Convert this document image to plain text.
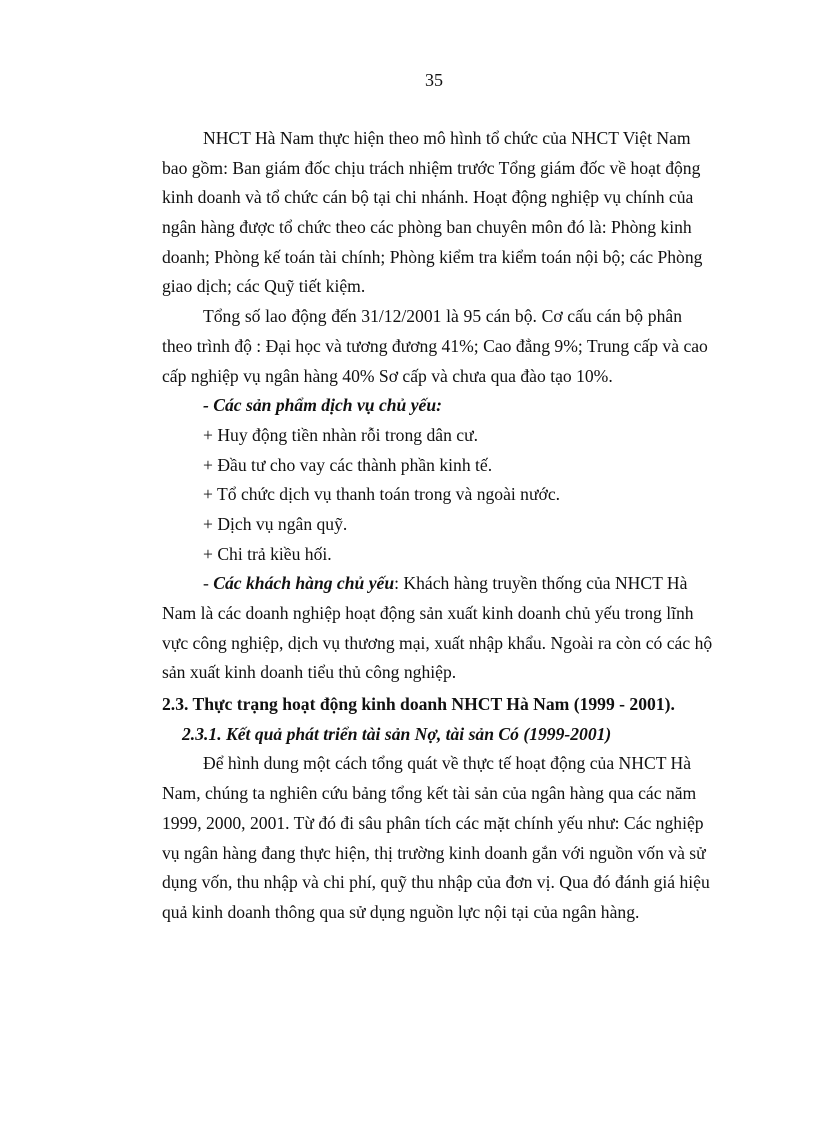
35
NHCT Hà Nam thực hiện theo mô hình tổ chức của NHCT Việt Nam
bao gồm: Ban giám đốc chịu trách nhiệm trước Tổng giám đốc về hoạt động
kinh doanh và tổ chức cán bộ tại chi nhánh. Hoạt động nghiệp vụ chính của
ngân hàng được tổ chức theo các phòng ban chuyên môn đó là: Phòng kinh
doanh; Phòng kế toán tài chính; Phòng kiểm tra kiểm toán nội bộ; các Phòng
giao dịch; các Quỹ tiết kiệm.
Tổng số lao động đến 31/12/2001 là 95 cán bộ. Cơ cấu cán bộ phân
theo trình độ : Đại học và tương đương 41%; Cao đẳng 9%; Trung cấp và cao
cấp nghiệp vụ ngân hàng 40% Sơ cấp và chưa qua đào tạo 10%.
- Các sản phẩm dịch vụ chủ yếu:
+ Huy động tiền nhàn rỗi trong dân cư.
+ Đầu tư cho vay các thành phần kinh tế.
+ Tổ chức dịch vụ thanh toán trong và ngoài nước.
+ Dịch vụ ngân quỹ.
+ Chi trả kiều hối.
- Các khách hàng chủ yếu: Khách hàng truyền thống của NHCT Hà
Nam là các doanh nghiệp hoạt động sản xuất kinh doanh chủ yếu trong lĩnh
vực công nghiệp, dịch vụ thương mại, xuất nhập khẩu. Ngoài ra còn có các hộ
sản xuất kinh doanh tiểu thủ công nghiệp.
2.3. Thực trạng hoạt động kinh doanh NHCT Hà Nam (1999 - 2001).
2.3.1. Kết quả phát triển tài sản Nợ, tài sản Có (1999-2001)
Để hình dung một cách tổng quát về thực tế hoạt động của NHCT Hà
Nam, chúng ta nghiên cứu bảng tổng kết tài sản của ngân hàng qua các năm
1999, 2000, 2001. Từ đó đi sâu phân tích các mặt chính yếu như: Các nghiệp
vụ ngân hàng đang thực hiện, thị trường kinh doanh gắn với nguồn vốn và sử
dụng vốn, thu nhập và chi phí, quỹ thu nhập của đơn vị. Qua đó đánh giá hiệu
quả kinh doanh thông qua sử dụng nguồn lực nội tại của ngân hàng.
